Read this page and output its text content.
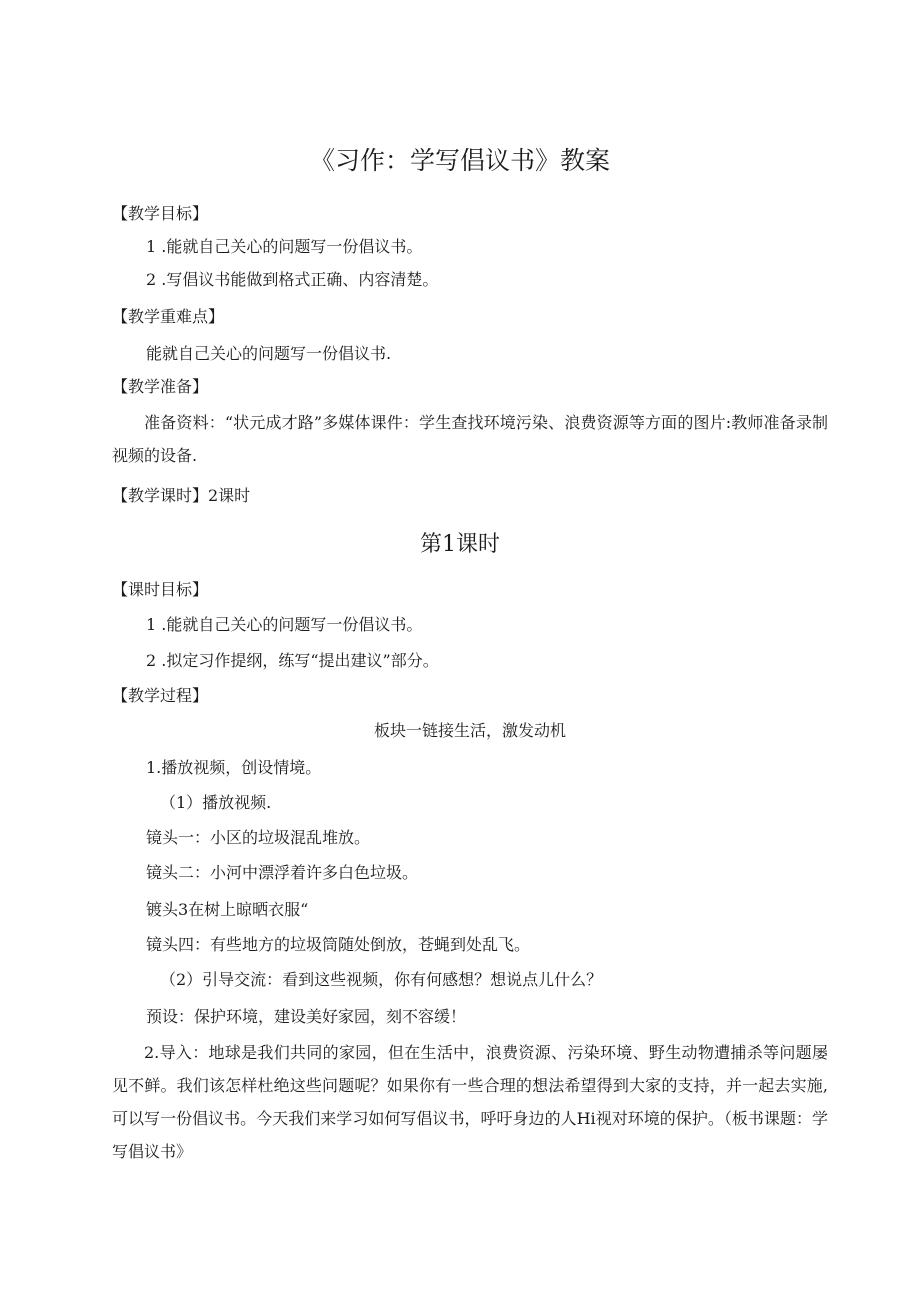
《习作：学写倡议书》教案
【教学目标】
1 .能就自己关心的问题写一份倡议书。
2 .写倡议书能做到格式正确、内容清楚。
【教学重难点】
能就自己关心的问题写一份倡议书.
【教学准备】
准备资料：“状元成才路”多媒体课件：学生查找环境污染、浪费资源等方面的图片:教师准备录制视频的设备.
【教学课时】2课时
第1课时
【课时目标】
1 .能就自己关心的问题写一份倡议书。
2 .拟定习作提纲，练写“提出建议”部分。
【教学过程】
板块一链接生活，激发动机
1.播放视频，创设情境。
（1）播放视频.
镜头一：小区的垃圾混乱堆放。
镜头二：小河中漂浮着许多白色垃圾。
镀头3在树上晾晒衣服“
镜头四：有些地方的垃圾筒随处倒放，苍蝇到处乱飞。
（2）引导交流：看到这些视频，你有何感想？想说点儿什么？
预设：保护环境，建设美好家园，刻不容缓！
2.导入：地球是我们共同的家园，但在生活中，浪费资源、污染环境、野生动物遭捕杀等问题屡见不鲜。我们该怎样杜绝这些问题呢？如果你有一些合理的想法希望得到大家的支持，并一起去实施,可以写一份倡议书。今天我们来学习如何写倡议书，呼吁身边的人Hi视对环境的保护。（板书课题：学写倡议书》
